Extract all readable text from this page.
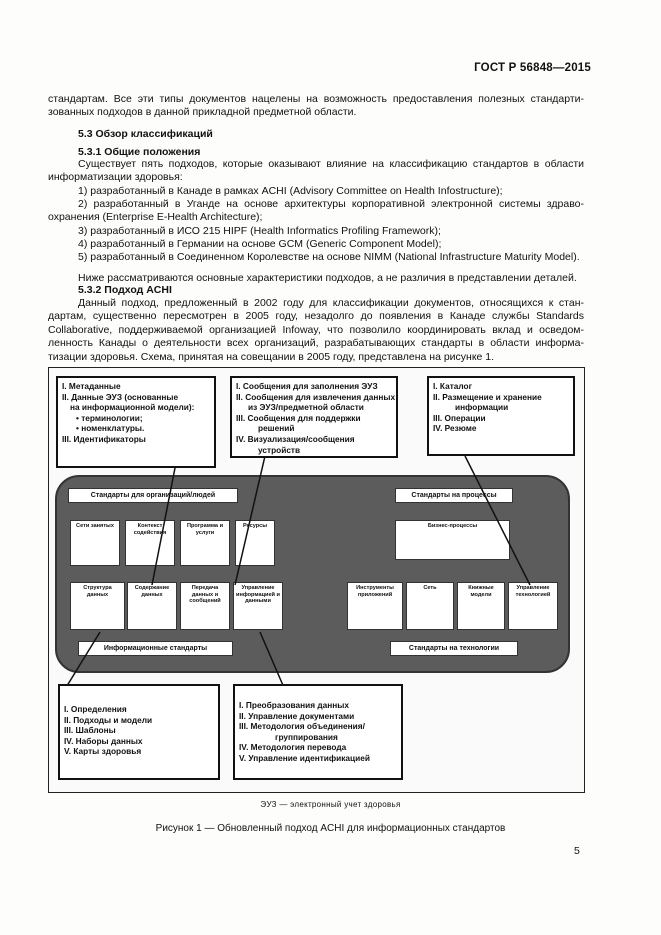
ГОСТ Р 56848—2015
стандартам. Все эти типы документов нацелены на возможность предоставления полезных стандарти-зованных подходов в данной прикладной предметной области.
5.3 Обзор классификаций
5.3.1 Общие положения
Существует пять подходов, которые оказывают влияние на классификацию стандартов в области информатизации здоровья:
1) разработанный в Канаде в рамках ACHI (Advisory Committee on Health Infostructure);
2) разработанный в Уганде на основе архитектуры корпоративной электронной системы здраво-охранения (Enterprise E-Health Architecture);
3) разработанный в ИСО 215 HIPF (Health Informatics Profiling Framework);
4) разработанный в Германии на основе GCM (Generic Component Model);
5) разработанный в Соединенном Королевстве на основе NIMM (National Infrastructure Maturity Model).
Ниже рассматриваются основные характеристики подходов, а не различия в представлении деталей.
5.3.2 Подход ACHI
Данный подход, предложенный в 2002 году для классификации документов, относящихся к стан-дартам, существенно пересмотрен в 2005 году, незадолго до появления в Канаде службы Standards Collaborative, поддерживаемой организацией Infoway, что позволило координировать вклад и осведом-ленность Канады о деятельности всех организаций, разрабатывающих стандарты в области информа-тизации здоровья. Схема, принятая на совещании в 2005 году, представлена на рисунке 1.
Стандарты для организаций/людей	Стандарты на процессы
Информационные стандарты	Стандарты на технологии
Сети занятых	Контекст содействия
Программа и услуги
Ресурсы	Бизнес-процессы
Структура данных
Содержание данных
Передача данных и сообщений
Управление информацией и данными
Инструменты приложений
Сеть	Книжные модели
Управление технологией
I. Метаданные
II. Данные ЭУЗ (основанные
на информационной модели):
• терминологии;
• номенклатуры.
III. Идентификаторы
I. Сообщения для заполнения ЭУЗ
II. Сообщения для извлечения данных
из ЭУЗ/предметной области
III. Сообщения для поддержки
решений
IV. Визуализация/сообщения
устройств
I. Каталог
II. Размещение и хранение
информации
III. Операции
IV. Резюме
I. Определения
II. Подходы и модели
III. Шаблоны
IV. Наборы данных
V. Карты здоровья
I. Преобразования данных
II. Управление документами
III. Методология объединения/
группирования
IV. Методология перевода
V. Управление идентификацией
ЭУЗ — электронный учет здоровья
Рисунок 1 — Обновленный подход ACHI для информационных стандартов
5
